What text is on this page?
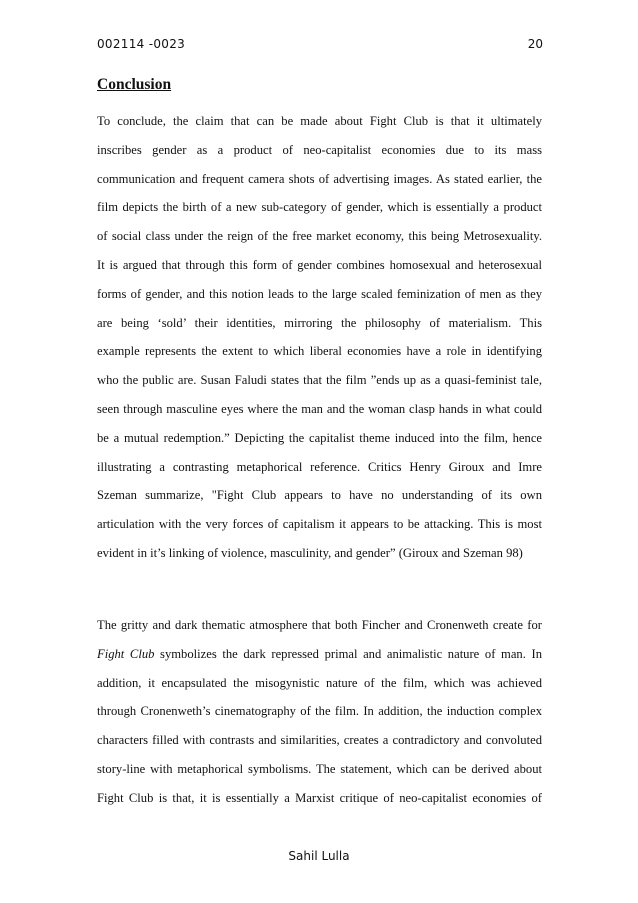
002114 -0023	20
Conclusion
To conclude, the claim that can be made about Fight Club is that it ultimately
inscribes gender as a product of neo-capitalist economies due to its mass
communication and frequent camera shots of advertising images. As stated earlier, the
film depicts the birth of a new sub-category of gender, which is essentially a product
of social class under the reign of the free market economy, this being Metrosexuality.
It is argued that through this form of gender combines homosexual and heterosexual
forms of gender, and this notion leads to the large scaled feminization of men as they
are being ‘sold’ their identities, mirroring the philosophy of materialism. This
example represents the extent to which liberal economies have a role in identifying
who the public are. Susan Faludi states that the film ”ends up as a quasi-feminist tale,
seen through masculine eyes where the man and the woman clasp hands in what could
be a mutual redemption.” Depicting the capitalist theme induced into the film, hence
illustrating a contrasting metaphorical reference. Critics Henry Giroux and Imre
Szeman summarize, "Fight Club appears to have no understanding of its own
articulation with the very forces of capitalism it appears to be attacking. This is most
evident in it’s linking of violence, masculinity, and gender” (Giroux and Szeman 98)
The gritty and dark thematic atmosphere that both Fincher and Cronenweth create for
Fight Club symbolizes the dark repressed primal and animalistic nature of man. In
addition, it encapsulated the misogynistic nature of the film, which was achieved
through Cronenweth’s cinematography of the film. In addition, the induction complex
characters filled with contrasts and similarities, creates a contradictory and convoluted
story-line with metaphorical symbolisms. The statement, which can be derived about
Fight Club is that, it is essentially a Marxist critique of neo-capitalist economies of
Sahil Lulla
